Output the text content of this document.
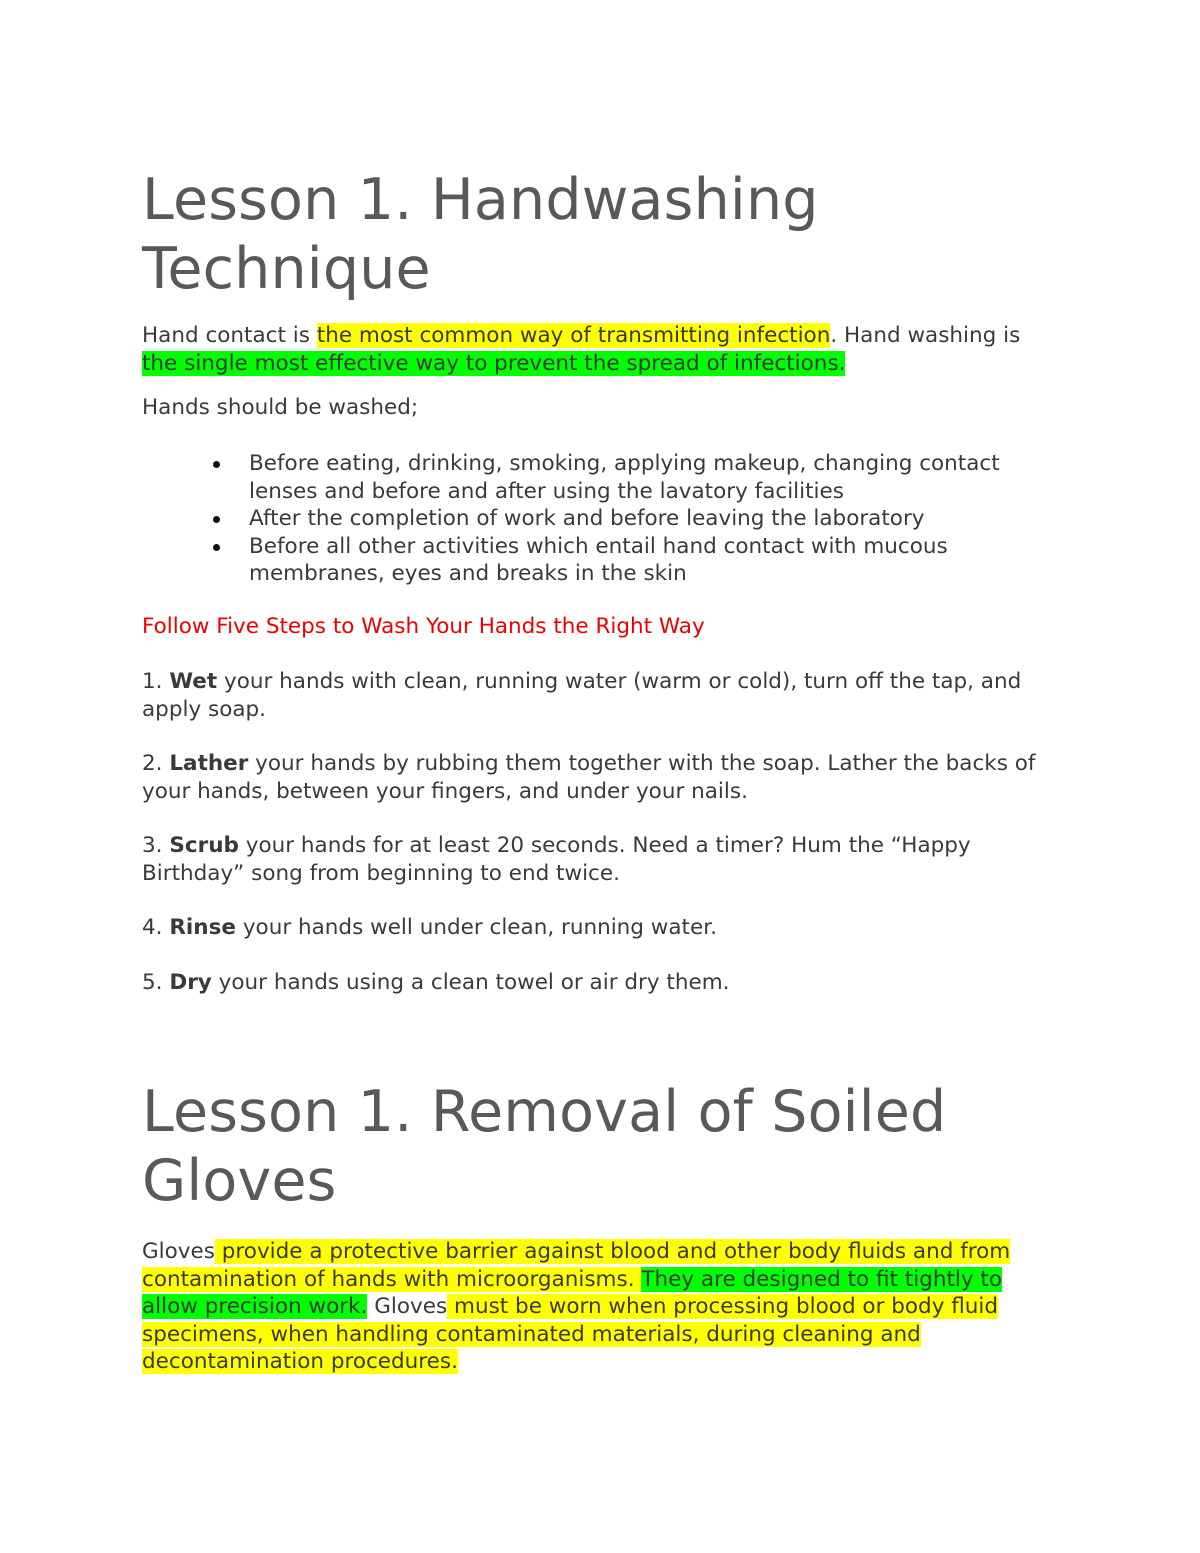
Lesson 1. Handwashing Technique

Hand contact is the most common way of transmitting infection. Hand washing is the single most effective way to prevent the spread of infections.

Hands should be washed;

Before eating, drinking, smoking, applying makeup, changing contact lenses and before and after using the lavatory facilities
After the completion of work and before leaving the laboratory
Before all other activities which entail hand contact with mucous membranes, eyes and breaks in the skin

Follow Five Steps to Wash Your Hands the Right Way

1. Wet your hands with clean, running water (warm or cold), turn off the tap, and apply soap.

2. Lather your hands by rubbing them together with the soap. Lather the backs of your hands, between your fingers, and under your nails.

3. Scrub your hands for at least 20 seconds. Need a timer? Hum the “Happy Birthday” song from beginning to end twice.

4. Rinse your hands well under clean, running water.

5. Dry your hands using a clean towel or air dry them.

Lesson 1. Removal of Soiled Gloves

Gloves provide a protective barrier against blood and other body fluids and from contamination of hands with microorganisms. They are designed to fit tightly to allow precision work. Gloves must be worn when processing blood or body fluid specimens, when handling contaminated materials, during cleaning and decontamination procedures.
